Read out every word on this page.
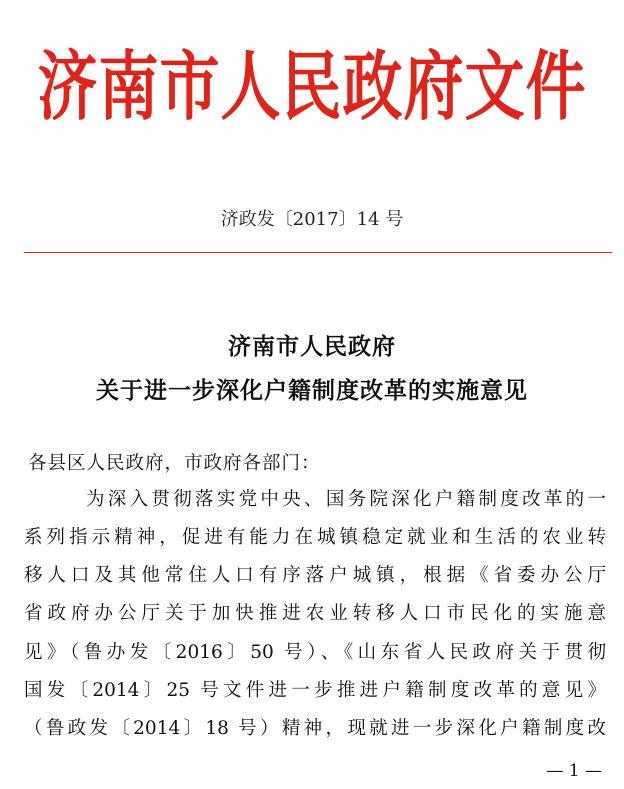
济南市人民政府文件
济政发〔2017〕14 号
济南市人民政府
关于进一步深化户籍制度改革的实施意见
各县区人民政府，市政府各部门：
为深入贯彻落实党中央、国务院深化户籍制度改革的一
系列指示精神，促进有能力在城镇稳定就业和生活的农业转
移人口及其他常住人口有序落户城镇，根据《省委办公厅
省政府办公厅关于加快推进农业转移人口市民化的实施意
见》（鲁办发〔2016〕50 号）、《山东省人民政府关于贯彻
国发〔2014〕25 号文件进一步推进户籍制度改革的意见》
（鲁政发〔2014〕18 号）精神，现就进一步深化户籍制度改
— 1 —
